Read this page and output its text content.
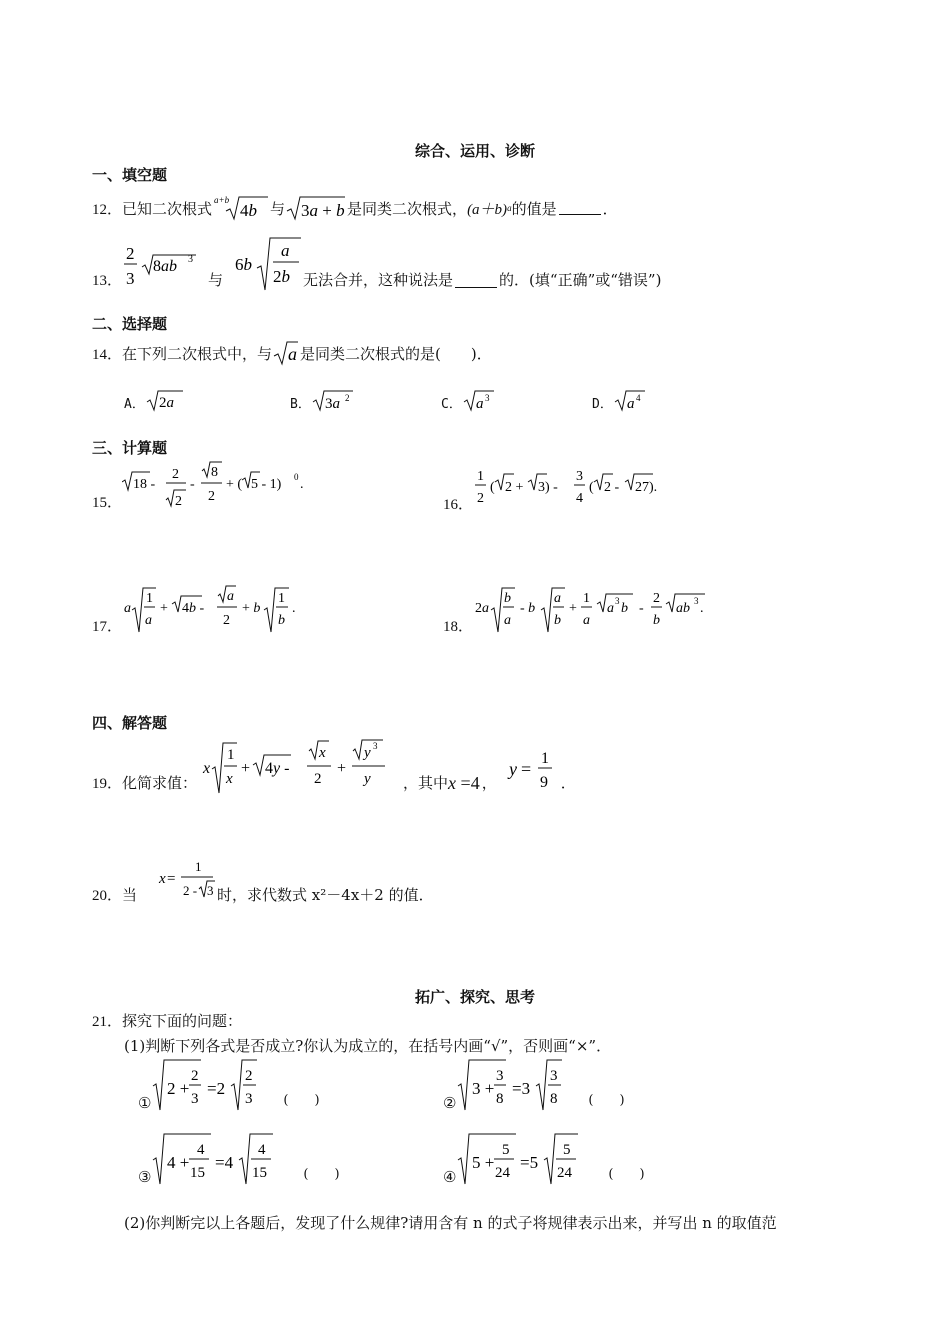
综合、运用、诊断
一、填空题
12． 已知二次根式 a+b
4b 与 3a + b 是同类二次根式， (a＋b) a 的值是	．
13．
2
3
8ab 3
与
6b
a
2b 无法合并，这种说法是	的．(填“正确”或“错误”)
二、选择题
14． 在下列二次根式中，与 a 是同类二次根式的是(　　)．
A． 2a	B． 3a 2	C． a 3	D． a 4
三、计算题
15．
18 -
2
2
-
8
2
+ ( 5 - 1) 0 .
16．
1
2
( 2 + 3) -
3
4
( 2 - 27).
17．
a
1
a
+ 4b -
a
2
+ b
1
b
.
18．
2a
b
a
- b
a
b
+
1
a
a 3 b -
2
b
ab 3 .
四、解答题
19． 化简求值：
x
1
x
+ 4y -
x
2
+
y 3
y ，其中 x =4 ，
y =
1
9 ．
20． 当
x =
1
2 - 3 时，求代数式 x²－4x＋2 的值．
拓广、探究、思考
21．探究下面的问题：
(1)判断下列各式是否成立?你认为成立的，在括号内画“√”，否则画“×”．
①
2 +
2
3
=2
2
3 (　　)	②
3 +
3
8
=3
3
8 (　　)
③
4 +
4
15
=4
4
15	(　　)	④
5 +
5
24
=5
5
24	(　　)
(2)你判断完以上各题后，发现了什么规律?请用含有 n 的式子将规律表示出来，并写出 n 的取值范
